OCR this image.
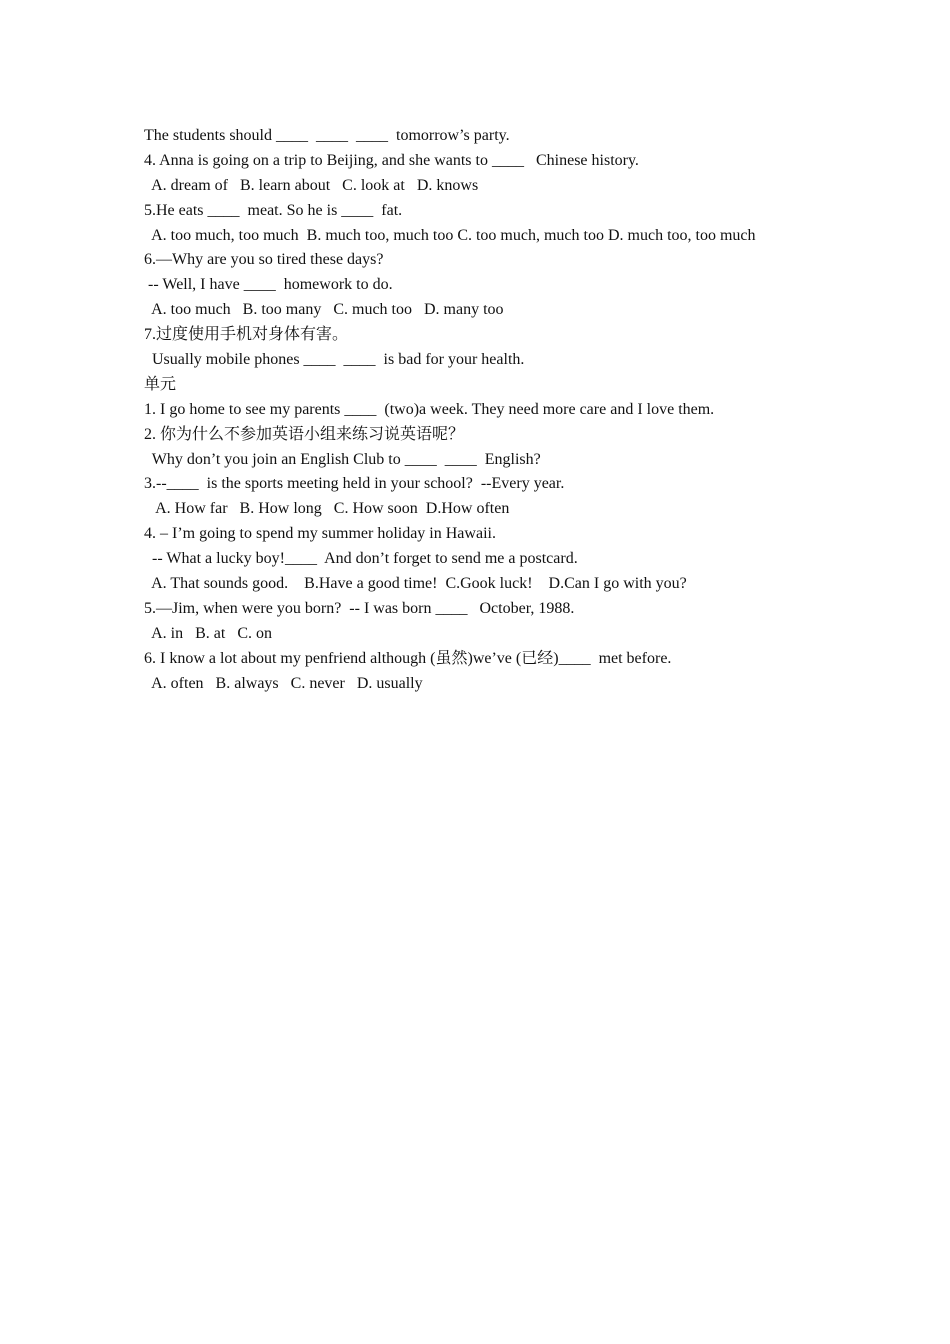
The students should ____  ____  ____  tomorrow’s party.
4. Anna is going on a trip to Beijing, and she wants to ____   Chinese history.
A. dream of   B. learn about   C. look at   D. knows
5.He eats ____  meat. So he is ____  fat.
A. too much, too much  B. much too, much too C. too much, much too D. much too, too much
6.—Why are you so tired these days?
-- Well, I have ____  homework to do.
A. too much   B. too many   C. much too   D. many too
7.过度使用手机对身体有害。
Usually mobile phones ____  ____  is bad for your health.
单元
1. I go home to see my parents ____  (two)a week. They need more care and I love them.
2. 你为什么不参加英语小组来练习说英语呢？
Why don’t you join an English Club to ____  ____  English?
3.--____  is the sports meeting held in your school?  --Every year.
A. How far   B. How long   C. How soon  D.How often
4. – I’m going to spend my summer holiday in Hawaii.
-- What a lucky boy!____  And don’t forget to send me a postcard.
A. That sounds good.    B.Have a good time!  C.Gook luck!    D.Can I go with you?
5.—Jim, when were you born?  -- I was born ____   October, 1988.
A. in   B. at   C. on
6. I know a lot about my penfriend although (虽然)we’ve (已经)____  met before.
A. often   B. always   C. never   D. usually
